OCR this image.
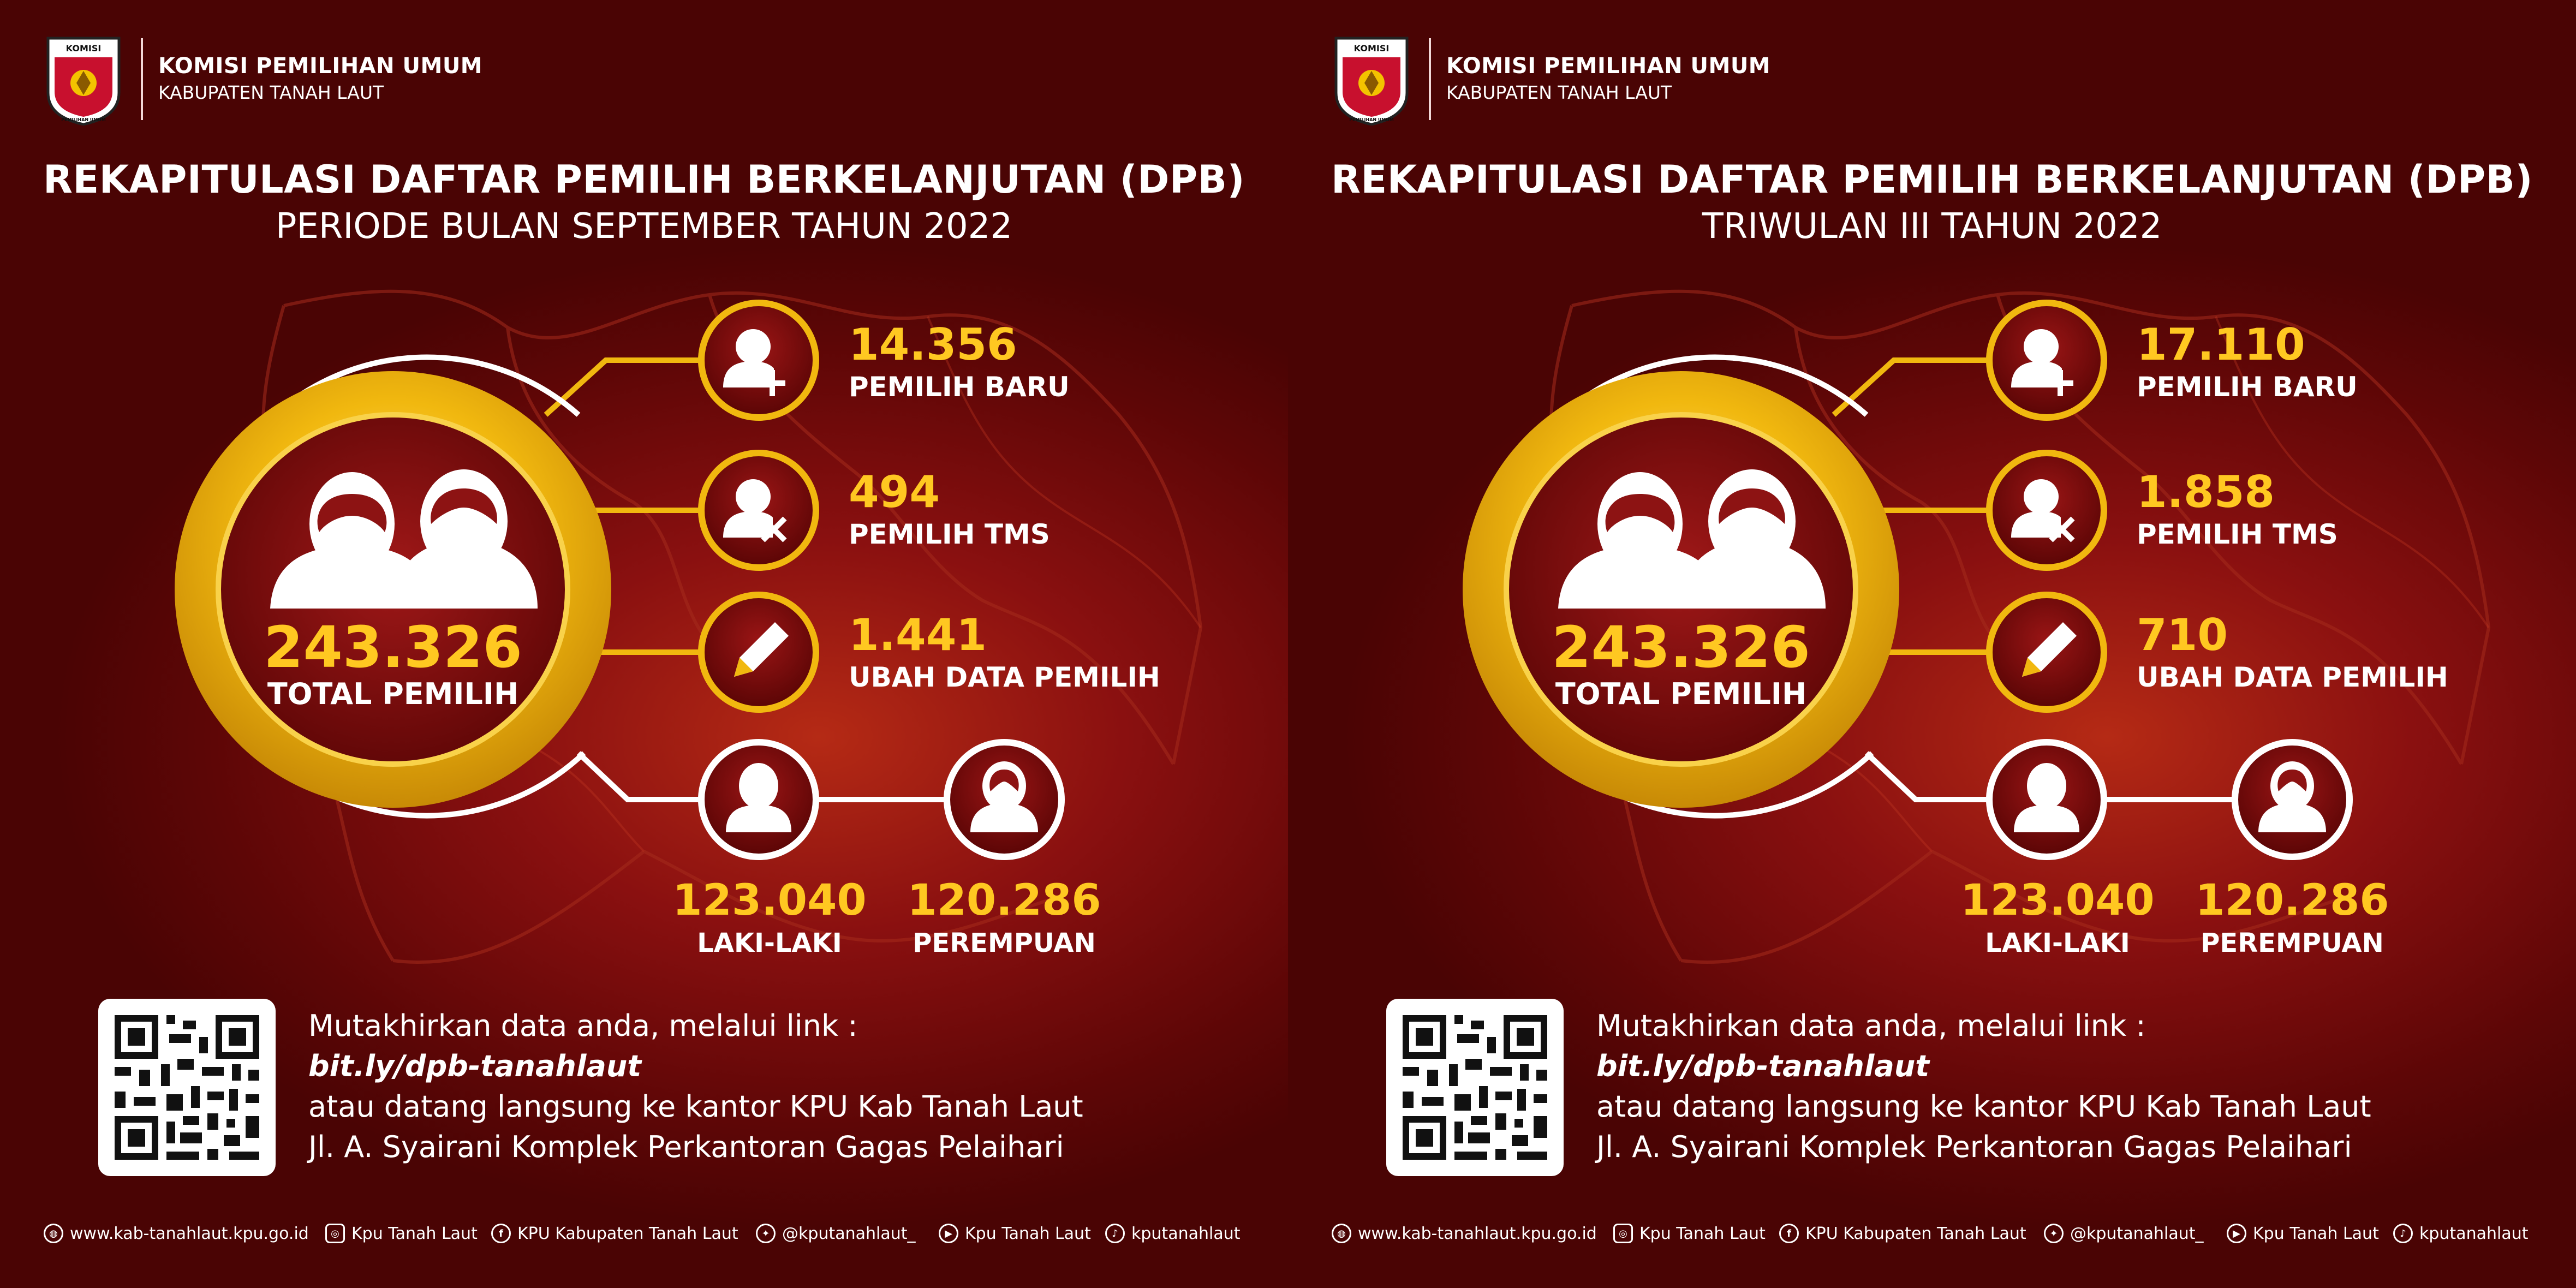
KOMISI
PEMILIHAN UMUM
KOMISI PEMILIHAN UMUM
KABUPATEN TANAH LAUT
REKAPITULASI DAFTAR PEMILIH BERKELANJUTAN (DPB)
PERIODE BULAN SEPTEMBER TAHUN 2022
243.326
TOTAL PEMILIH
14.356
PEMILIH BARU
494
PEMILIH TMS
1.441
UBAH DATA PEMILIH
123.040
LAKI-LAKI
120.286
PEREMPUAN
Mutakhirkan data anda, melalui link :
bit.ly/dpb-tanahlaut
atau datang langsung ke kantor KPU Kab Tanah Laut
Jl. A. Syairani Komplek Perkantoran Gagas Pelaihari
◍ www.kab-tanahlaut.kpu.go.id	◎ Kpu Tanah Laut	f KPU Kabupaten Tanah Laut	✦ @kputanahlaut_	▶ Kpu Tanah Laut	♪ kputanahlaut
KOMISI
PEMILIHAN UMUM
KOMISI PEMILIHAN UMUM
KABUPATEN TANAH LAUT
REKAPITULASI DAFTAR PEMILIH BERKELANJUTAN (DPB)
TRIWULAN III TAHUN 2022
243.326
TOTAL PEMILIH
17.110
PEMILIH BARU
1.858
PEMILIH TMS
710
UBAH DATA PEMILIH
123.040
LAKI-LAKI
120.286
PEREMPUAN
Mutakhirkan data anda, melalui link :
bit.ly/dpb-tanahlaut
atau datang langsung ke kantor KPU Kab Tanah Laut
Jl. A. Syairani Komplek Perkantoran Gagas Pelaihari
◍ www.kab-tanahlaut.kpu.go.id	◎ Kpu Tanah Laut	f KPU Kabupaten Tanah Laut	✦ @kputanahlaut_	▶ Kpu Tanah Laut	♪ kputanahlaut
